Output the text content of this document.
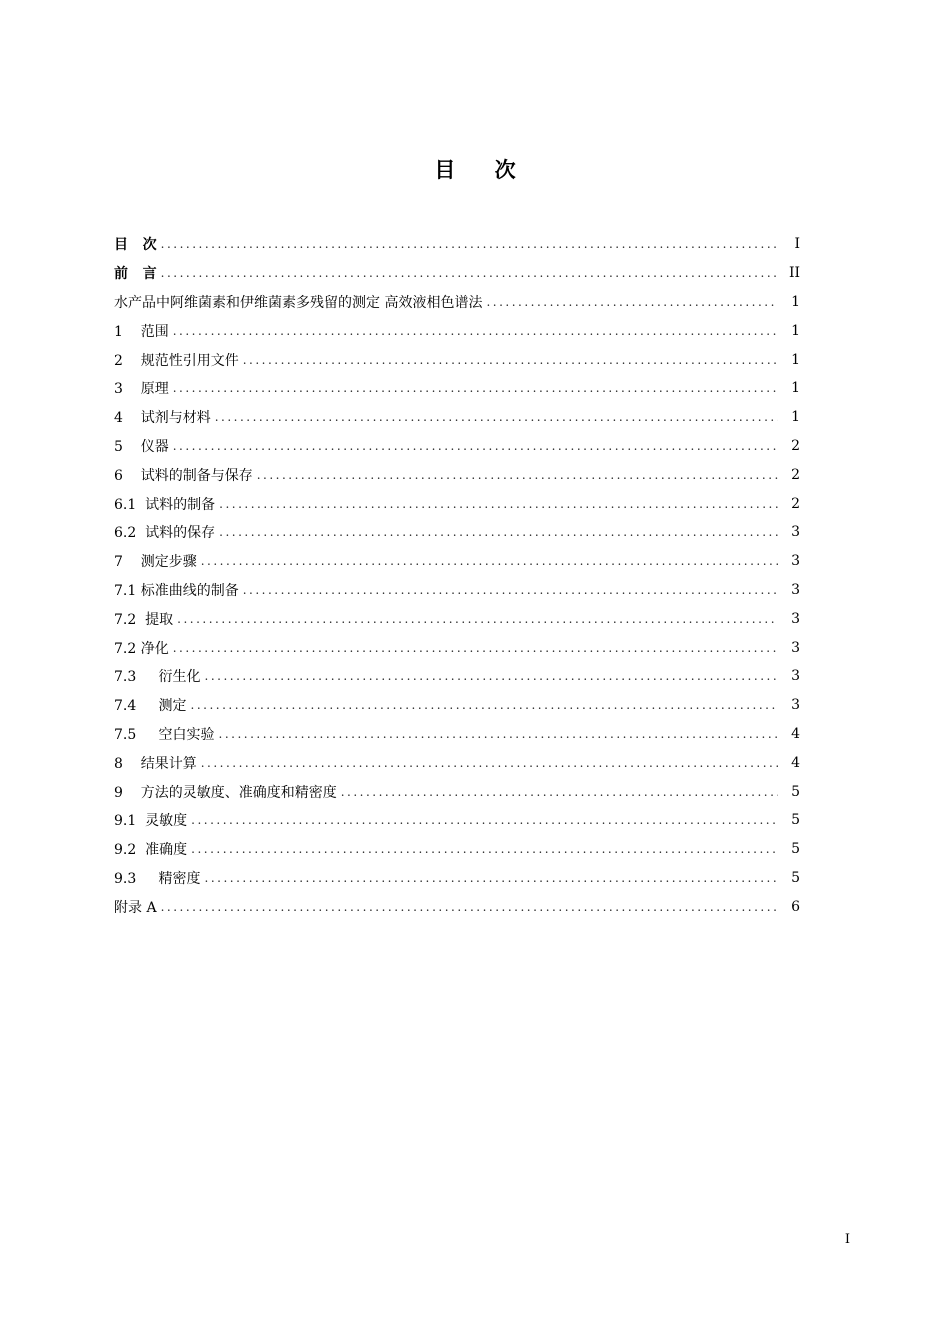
目 次
目   次 .....	I
前   言 .....	II
水产品中阿维菌素和伊维菌素多残留的测定 高效液相色谱法 .....	1
1    范围 .....	1
2    规范性引用文件 .....	1
3    原理 .....	1
4    试剂与材料 .....	1
5    仪器 .....	2
6    试料的制备与保存 .....	2
6.1  试料的制备 .....	2
6.2  试料的保存 .....	3
7    测定步骤 .....	3
7.1 标准曲线的制备 .....	3
7.2  提取 .....	3
7.2 净化 .....	3
7.3     衍生化 .....	3
7.4     测定 .....	3
7.5     空白实验 .....	4
8    结果计算 .....	4
9    方法的灵敏度、准确度和精密度 .....	5
9.1  灵敏度 .....	5
9.2  准确度 .....	5
9.3     精密度 .....	5
附录 A .....	6
I
